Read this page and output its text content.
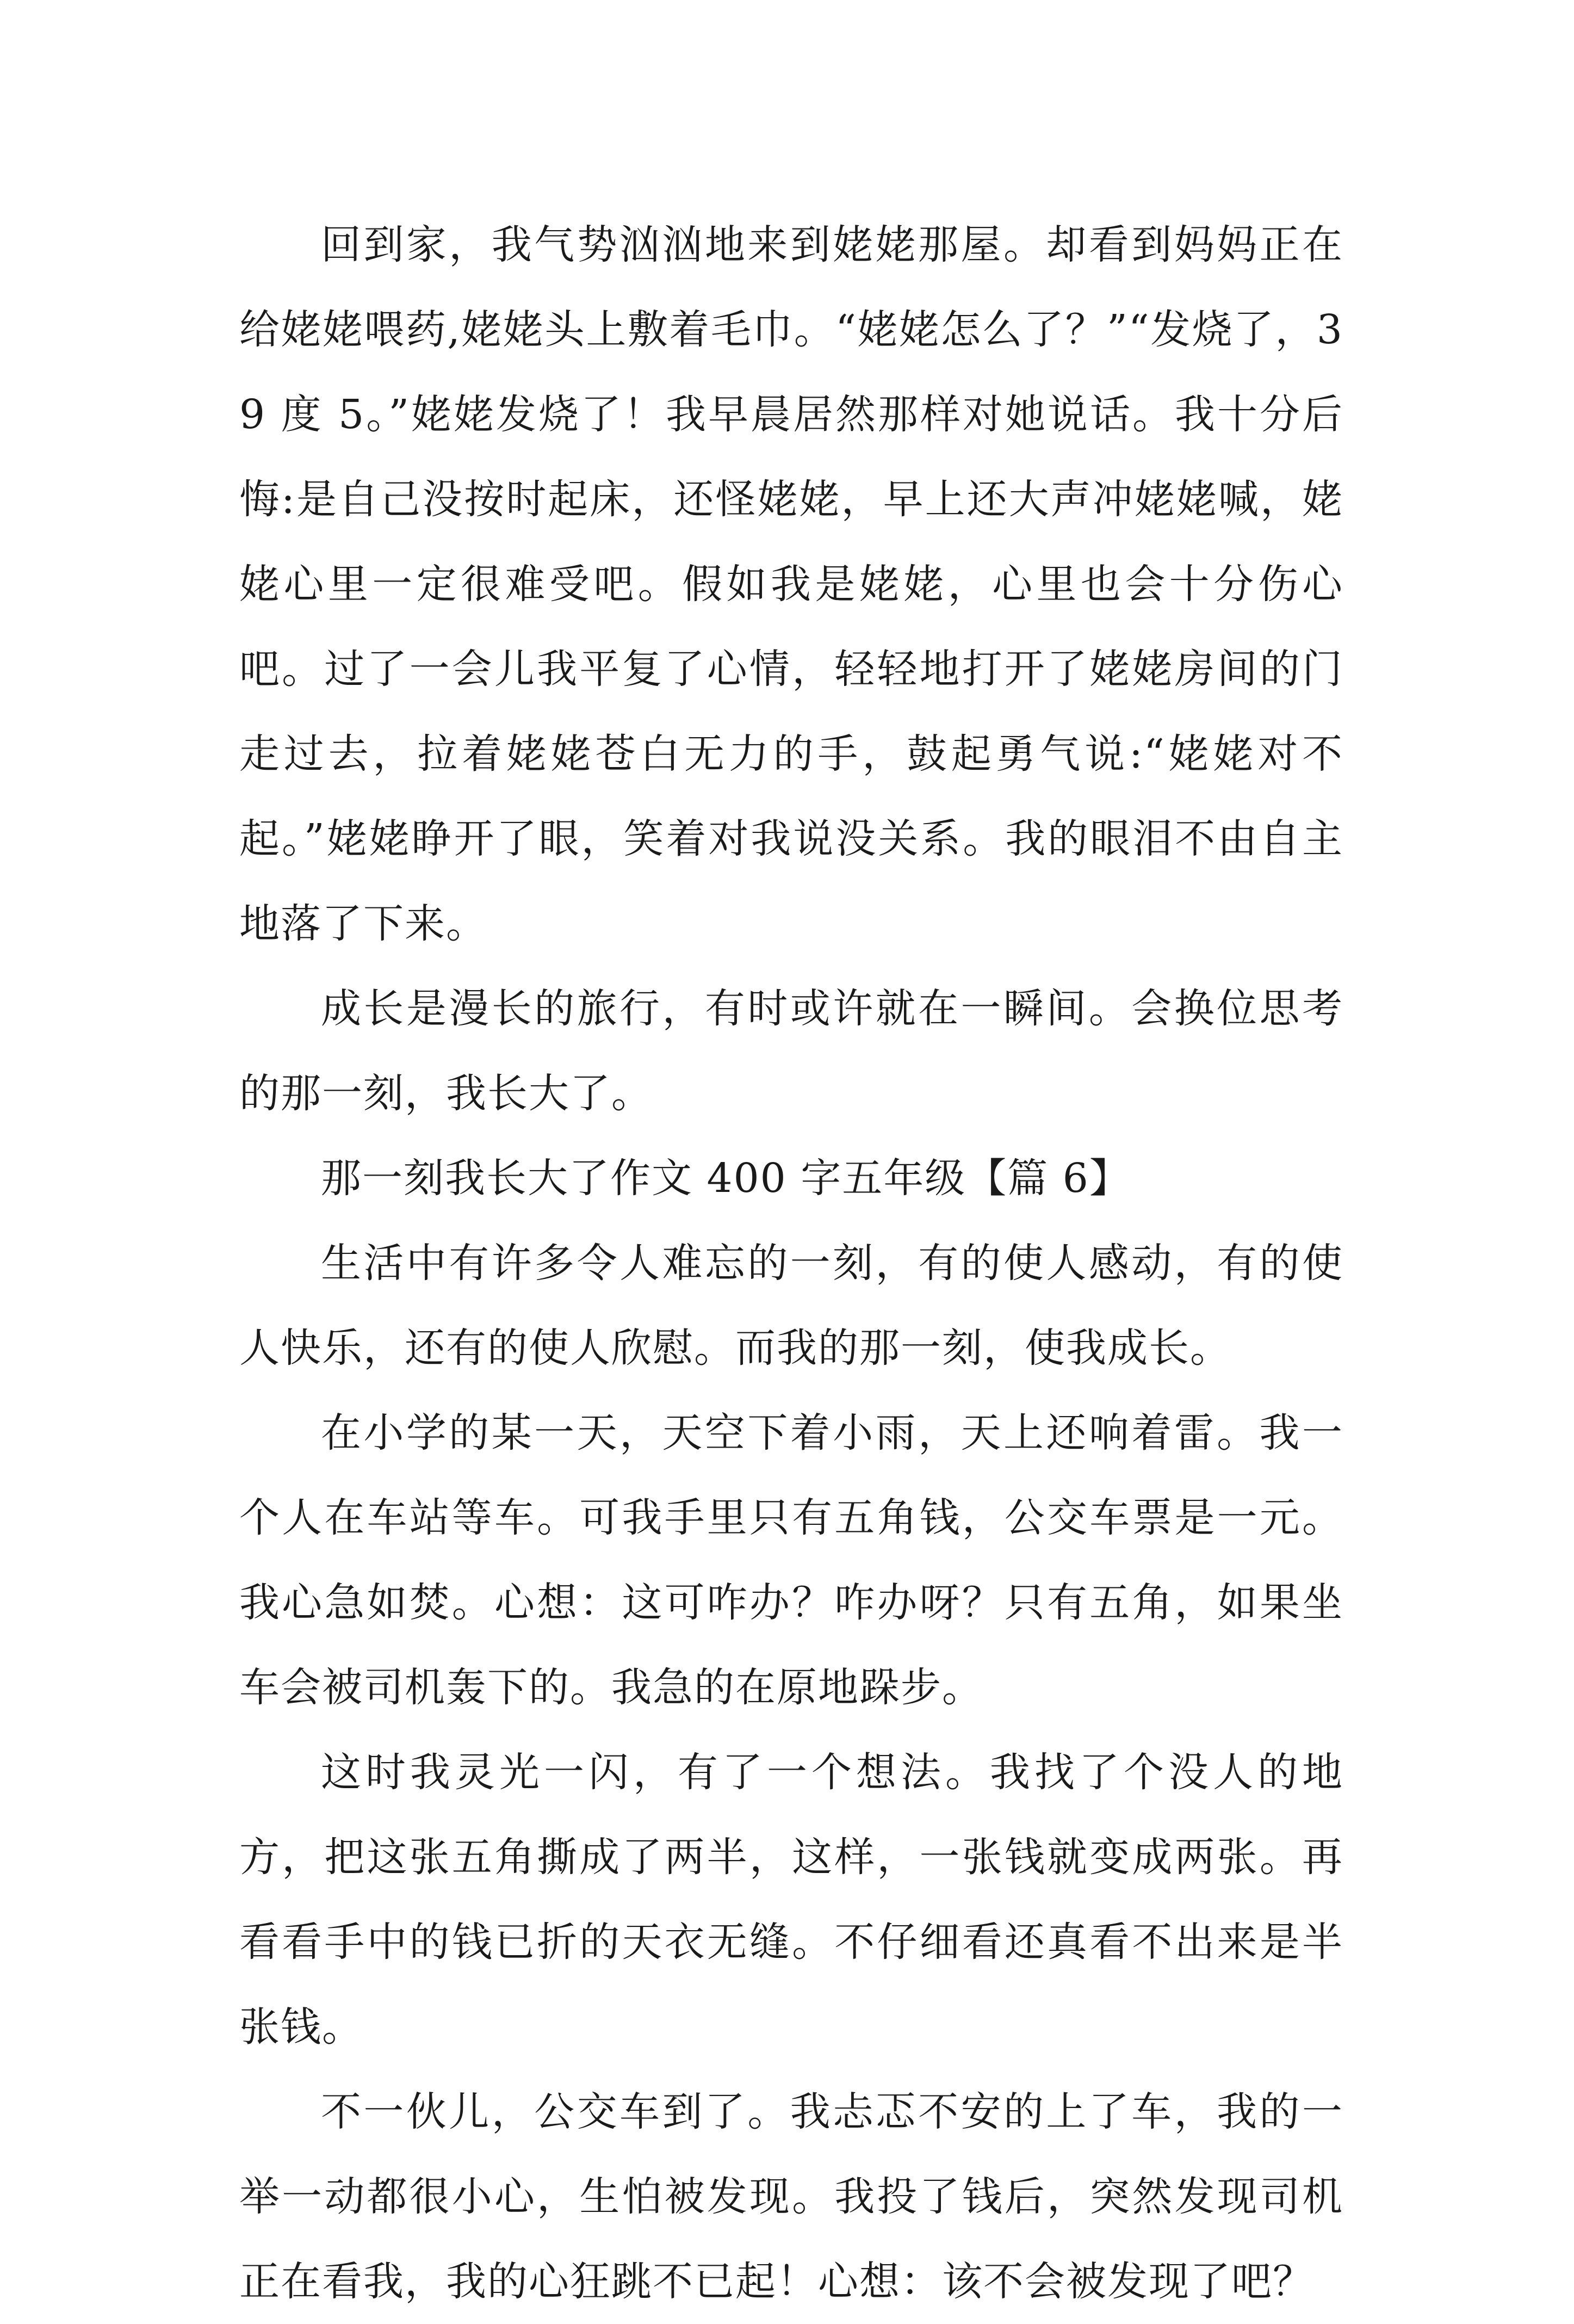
回到家，我气势汹汹地来到姥姥那屋。却看到妈妈正在给姥姥喂药,姥姥头上敷着毛巾。“姥姥怎么了？”“发烧了，39 度 5。”姥姥发烧了！我早晨居然那样对她说话。我十分后悔:是自己没按时起床，还怪姥姥，早上还大声冲姥姥喊，姥姥心里一定很难受吧。假如我是姥姥，心里也会十分伤心吧。过了一会儿我平复了心情，轻轻地打开了姥姥房间的门走过去，拉着姥姥苍白无力的手，鼓起勇气说:“姥姥对不起。”姥姥睁开了眼，笑着对我说没关系。我的眼泪不由自主地落了下来。

成长是漫长的旅行，有时或许就在一瞬间。会换位思考的那一刻，我长大了。

那一刻我长大了作文 400 字五年级【篇 6】

生活中有许多令人难忘的一刻，有的使人感动，有的使人快乐，还有的使人欣慰。而我的那一刻，使我成长。

在小学的某一天，天空下着小雨，天上还响着雷。我一个人在车站等车。可我手里只有五角钱，公交车票是一元。我心急如焚。心想：这可咋办？咋办呀？只有五角，如果坐车会被司机轰下的。我急的在原地跺步。

这时我灵光一闪，有了一个想法。我找了个没人的地方，把这张五角撕成了两半，这样，一张钱就变成两张。再看看手中的钱已折的天衣无缝。不仔细看还真看不出来是半张钱。

不一伙儿，公交车到了。我忐忑不安的上了车，我的一举一动都很小心，生怕被发现。我投了钱后，突然发现司机正在看我，我的心狂跳不已起！心想：该不会被发现了吧？
